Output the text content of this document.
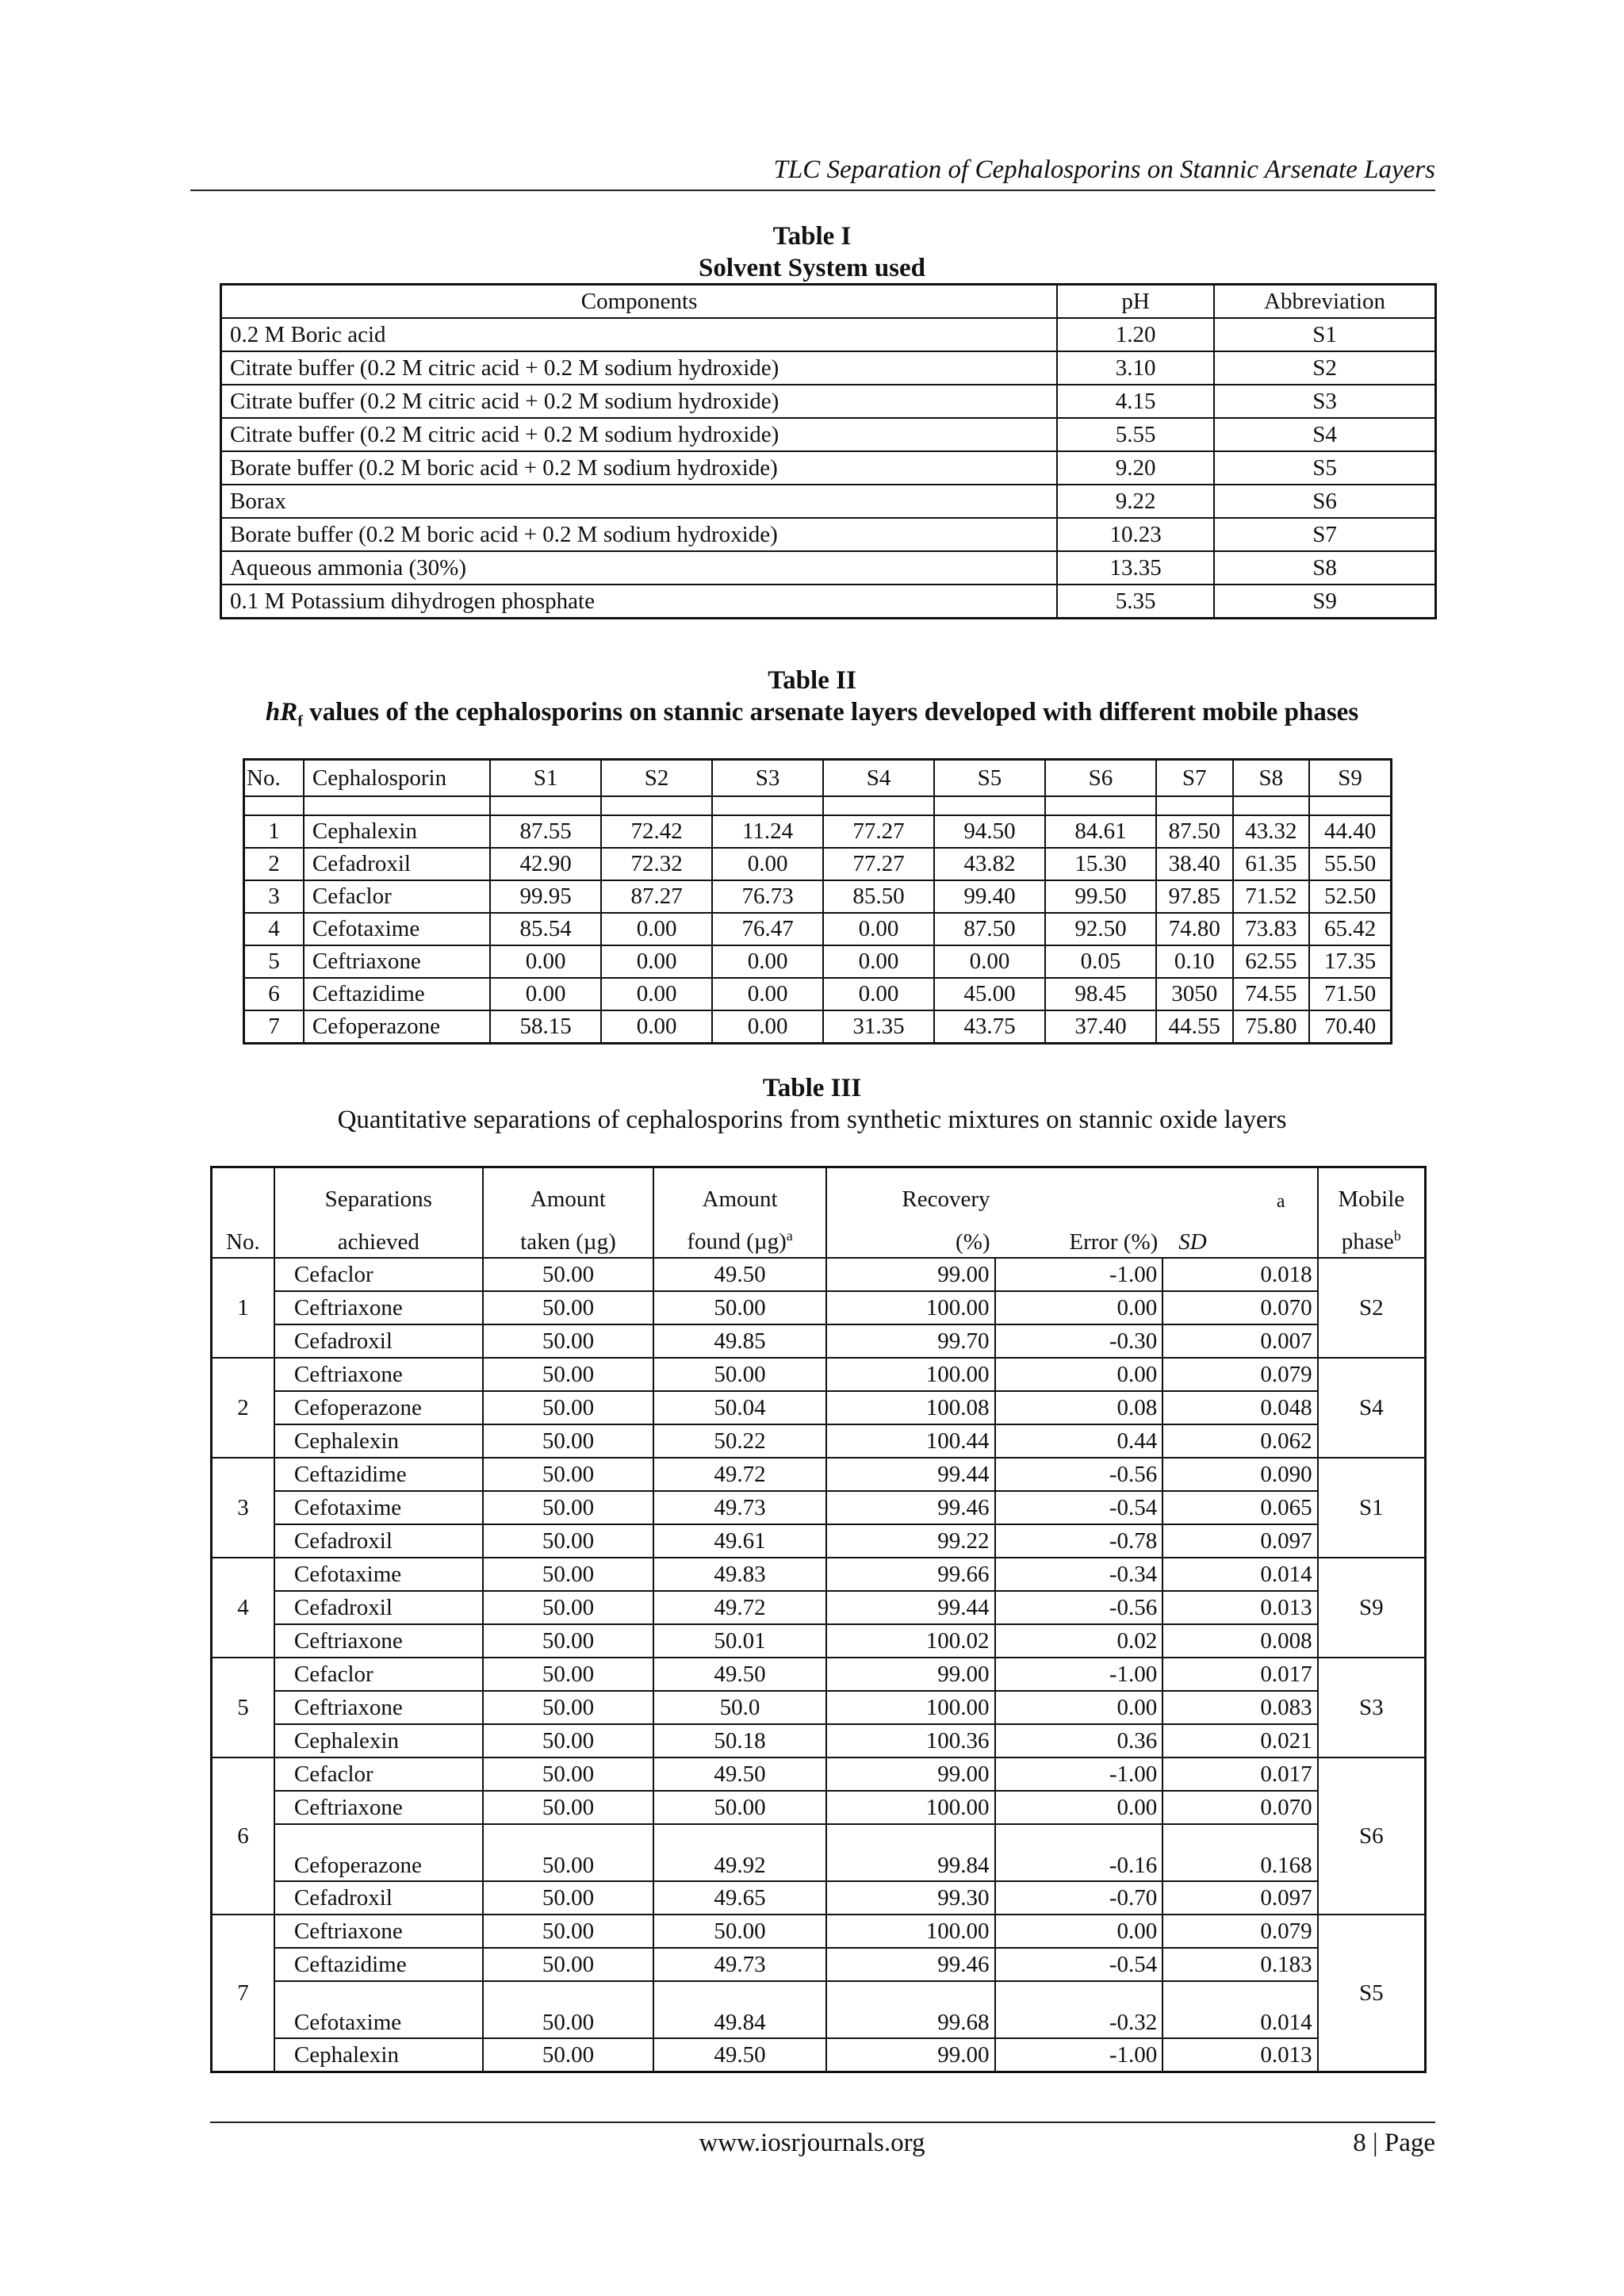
TLC Separation of Cephalosporins on Stannic Arsenate Layers
Table I
Solvent System used
Components	pH	Abbreviation
0.2 M Boric acid	1.20	S1
Citrate buffer (0.2 M citric acid + 0.2 M sodium hydroxide)	3.10	S2
Citrate buffer (0.2 M citric acid + 0.2 M sodium hydroxide)	4.15	S3
Citrate buffer (0.2 M citric acid + 0.2 M sodium hydroxide)	5.55	S4
Borate buffer (0.2 M boric acid + 0.2 M sodium hydroxide)	9.20	S5
Borax	9.22	S6
Borate buffer (0.2 M boric acid + 0.2 M sodium hydroxide)	10.23	S7
Aqueous ammonia (30%)	13.35	S8
0.1 M Potassium dihydrogen phosphate	5.35	S9
Table II
$hR_f$ values of the cephalosporins on stannic arsenate layers developed with different mobile phases
No.	Cephalosporin	S1	S2	S3	S4	S5	S6	S7	S8	S9

1	Cephalexin	87.55	72.42	11.24	77.27	94.50	84.61	87.50	43.32	44.40
2	Cefadroxil	42.90	72.32	0.00	77.27	43.82	15.30	38.40	61.35	55.50
3	Cefaclor	99.95	87.27	76.73	85.50	99.40	99.50	97.85	71.52	52.50
4	Cefotaxime	85.54	0.00	76.47	0.00	87.50	92.50	74.80	73.83	65.42
5	Ceftriaxone	0.00	0.00	0.00	0.00	0.00	0.05	0.10	62.55	17.35
6	Ceftazidime	0.00	0.00	0.00	0.00	45.00	98.45	3050	74.55	71.50
7	Cefoperazone	58.15	0.00	0.00	31.35	43.75	37.40	44.55	75.80	70.40
Table III
Quantitative separations of cephalosporins from synthetic mixtures on stannic oxide layers
	Separations	Amount	Amount	Recovery		a	Mobile
No.	achieved	taken (µg)	found $(\mu g)^a$	(%)	Error (%)	SD	phase$^b$
1	Cefaclor	50.00	49.50	99.00	-1.00	0.018	S2
	Ceftriaxone	50.00	50.00	100.00	0.00	0.070	
	Cefadroxil	50.00	49.85	99.70	-0.30	0.007	
2	Ceftriaxone	50.00	50.00	100.00	0.00	0.079	S4
	Cefoperazone	50.00	50.04	100.08	0.08	0.048	
	Cephalexin	50.00	50.22	100.44	0.44	0.062	
3	Ceftazidime	50.00	49.72	99.44	-0.56	0.090	S1
	Cefotaxime	50.00	49.73	99.46	-0.54	0.065	
	Cefadroxil	50.00	49.61	99.22	-0.78	0.097	
4	Cefotaxime	50.00	49.83	99.66	-0.34	0.014	S9
	Cefadroxil	50.00	49.72	99.44	-0.56	0.013	
	Ceftriaxone	50.00	50.01	100.02	0.02	0.008	
5	Cefaclor	50.00	49.50	99.00	-1.00	0.017	S3
	Ceftriaxone	50.00	50.0	100.00	0.00	0.083	
	Cephalexin	50.00	50.18	100.36	0.36	0.021	
6	Cefaclor	50.00	49.50	99.00	-1.00	0.017	S6
	Ceftriaxone	50.00	50.00	100.00	0.00	0.070	
	Cefoperazone	50.00	49.92	99.84	-0.16	0.168	
	Cefadroxil	50.00	49.65	99.30	-0.70	0.097	
7	Ceftriaxone	50.00	50.00	100.00	0.00	0.079	S5
	Ceftazidime	50.00	49.73	99.46	-0.54	0.183	
	Cefotaxime	50.00	49.84	99.68	-0.32	0.014	
	Cephalexin	50.00	49.50	99.00	-1.00	0.013	
www.iosrjournals.org	8 | Page
